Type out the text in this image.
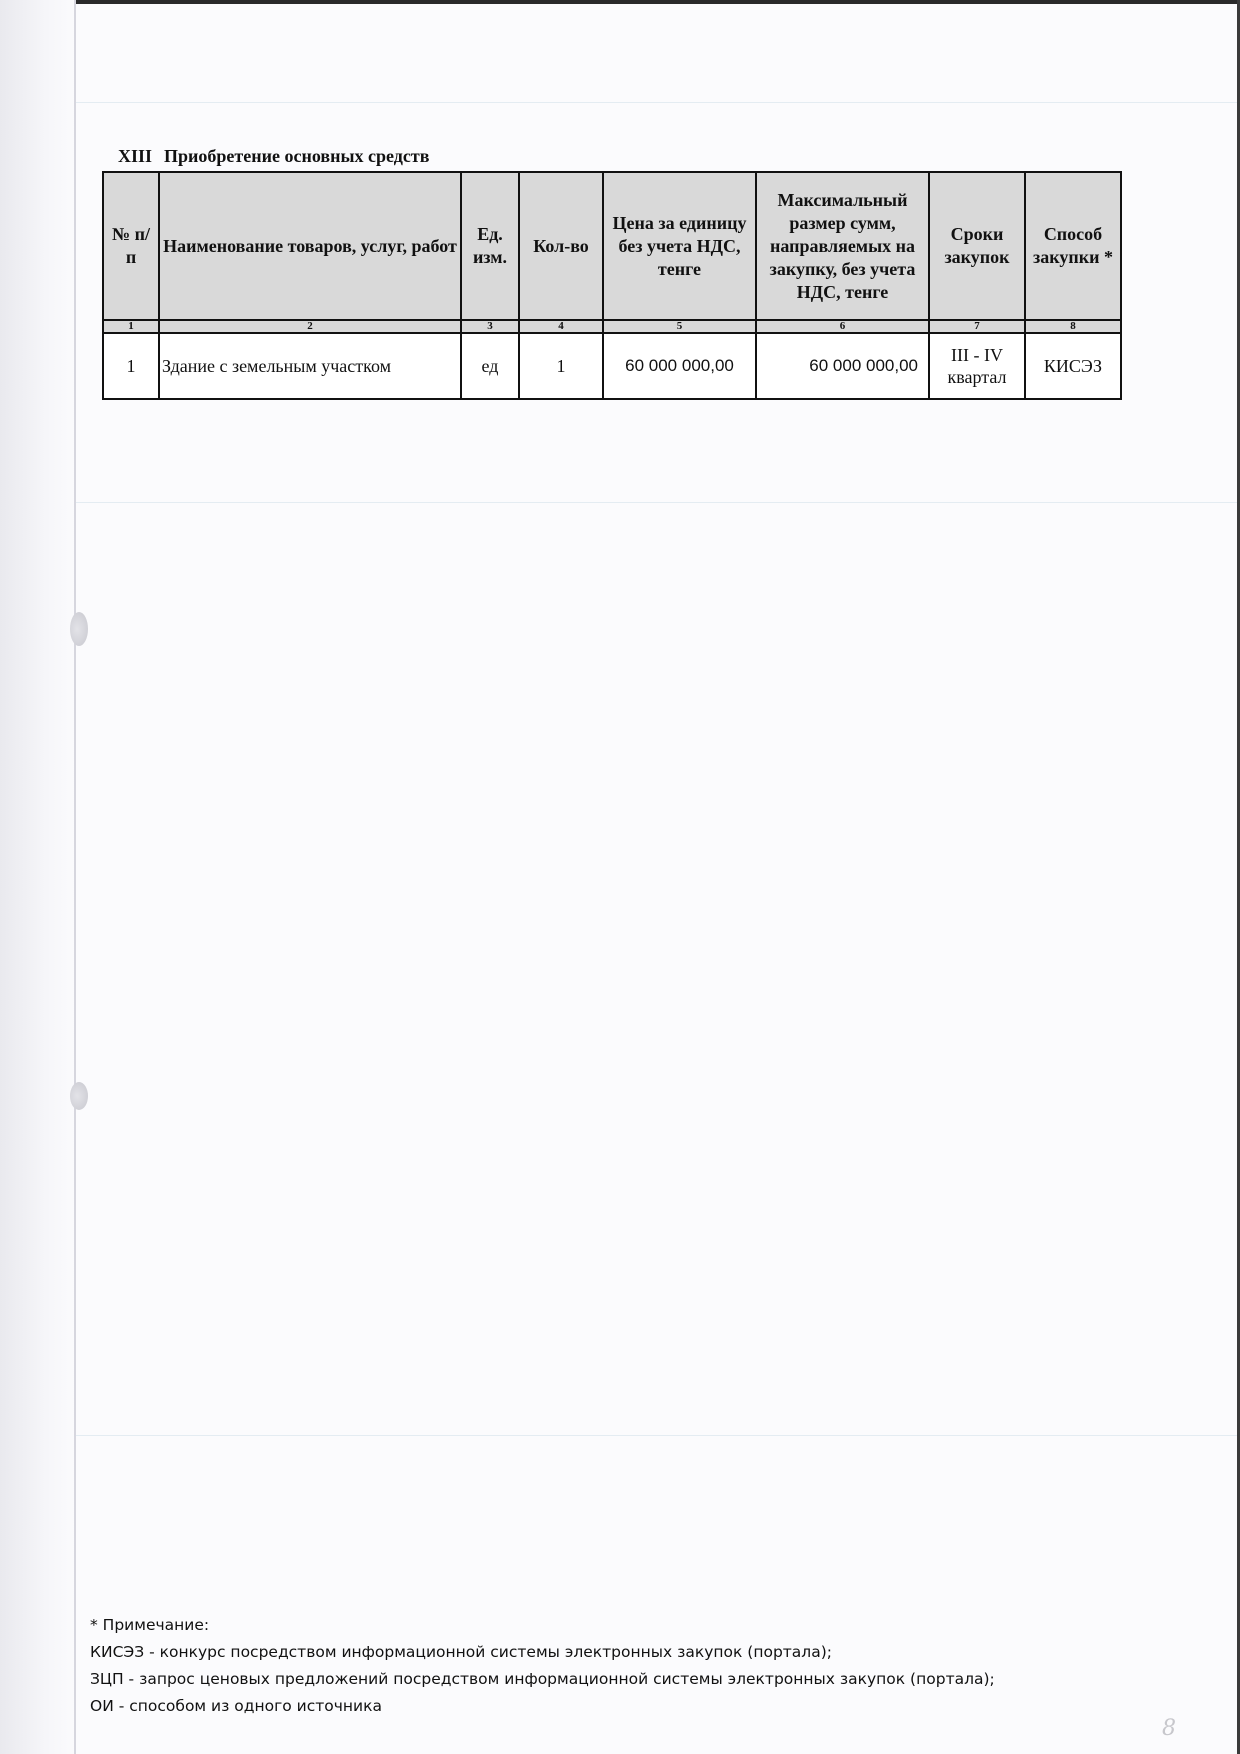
XIII Приобретение основных средств
№ п/п	Наименование товаров, услуг, работ	Ед. изм.	Кол-во	Цена за единицу без учета НДС, тенге	Максимальный размер сумм, направляемых на закупку, без учета НДС, тенге	Сроки закупок	Способ закупки *
1	2	3	4	5	6	7	8
1	Здание с земельным участком	ед	1	60 000 000,00	60 000 000,00	III - IV квартал	КИСЭЗ
* Примечание:
КИСЭЗ - конкурс посредством информационной системы электронных закупок (портала);
ЗЦП - запрос ценовых предложений посредством информационной системы электронных закупок (портала);
ОИ - способом из одного источника
8
